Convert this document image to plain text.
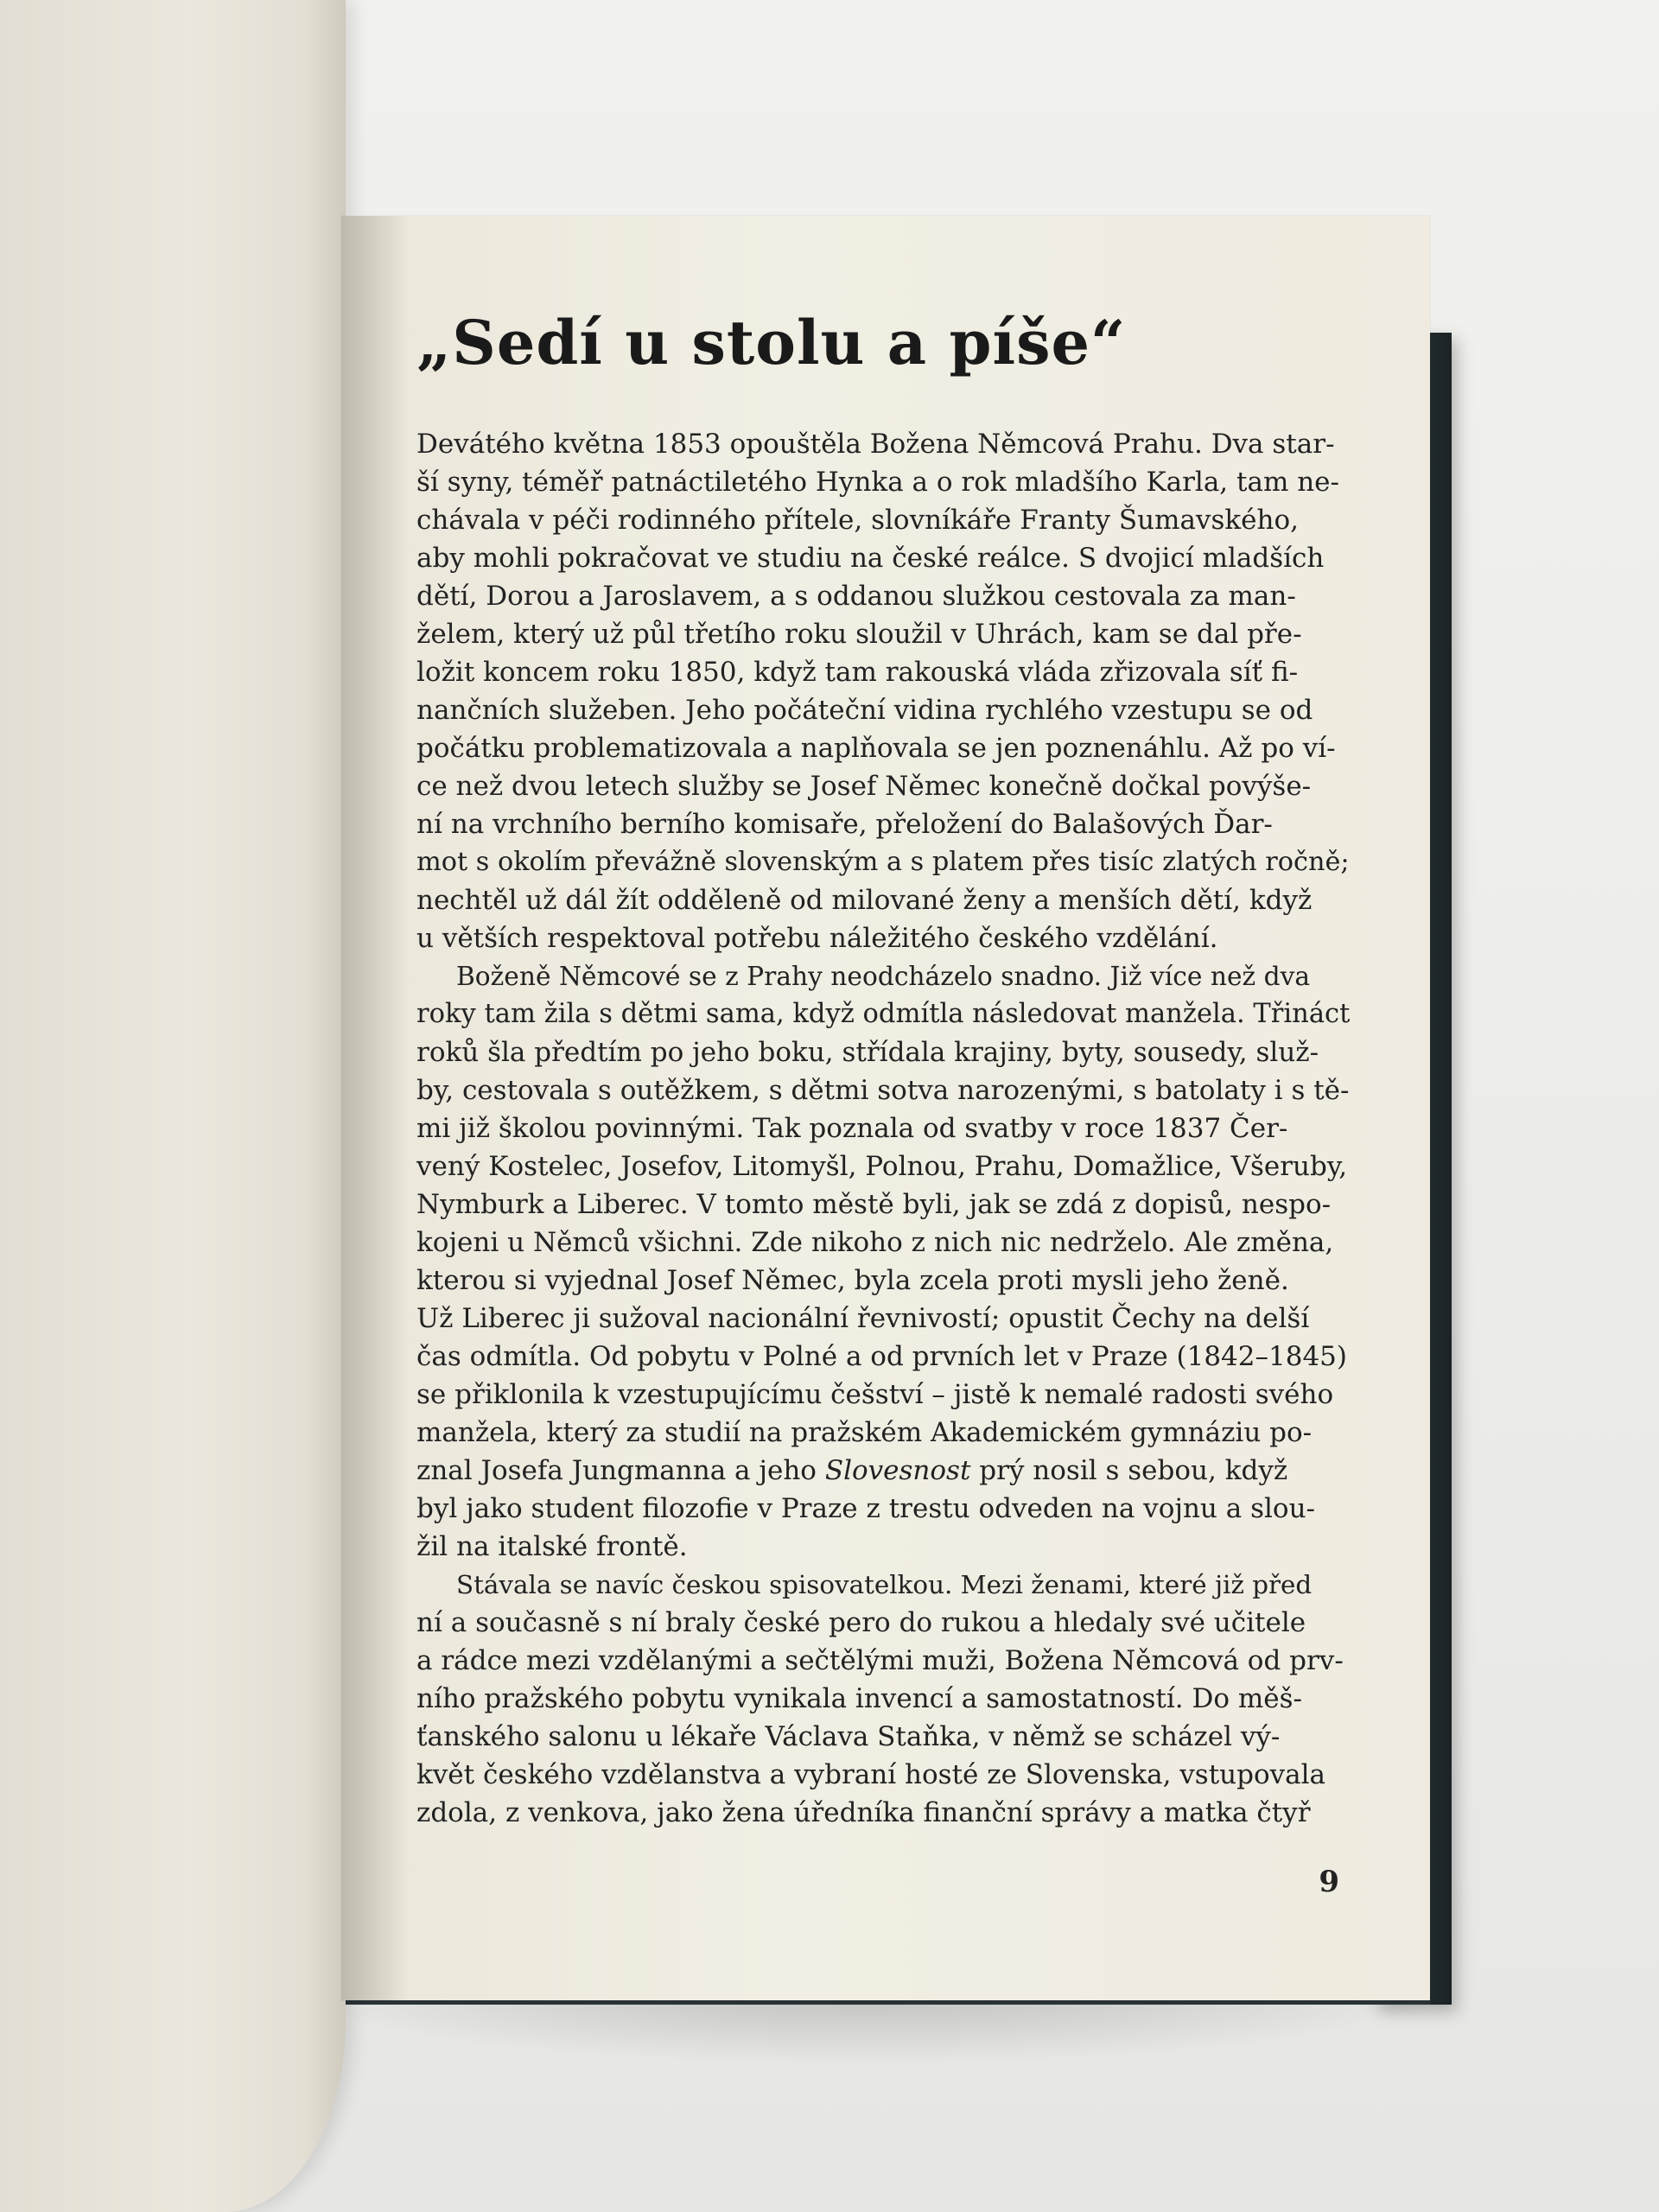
„Sedí u stolu a píše“
Devátého května 1853 opouštěla Božena Němcová Prahu. Dva star-
ší syny, téměř patnáctiletého Hynka a o rok mladšího Karla, tam ne-
chávala v péči rodinného přítele, slovníkáře Franty Šumavského,
aby mohli pokračovat ve studiu na české reálce. S dvojicí mladších
dětí, Dorou a Jaroslavem, a s oddanou služkou cestovala za man-
želem, který už půl třetího roku sloužil v Uhrách, kam se dal pře-
ložit koncem roku 1850, když tam rakouská vláda zřizovala síť fi-
nančních služeben. Jeho počáteční vidina rychlého vzestupu se od
počátku problematizovala a naplňovala se jen poznenáhlu. Až po ví-
ce než dvou letech služby se Josef Němec konečně dočkal povýše-
ní na vrchního berního komisaře, přeložení do Balašových Ďar-
mot s okolím převážně slovenským a s platem přes tisíc zlatých ročně;
nechtěl už dál žít odděleně od milované ženy a menších dětí, když
u větších respektoval potřebu náležitého českého vzdělání.
Boženě Němcové se z Prahy neodcházelo snadno. Již více než dva
roky tam žila s dětmi sama, když odmítla následovat manžela. Třináct
roků šla předtím po jeho boku, střídala krajiny, byty, sousedy, služ-
by, cestovala s outěžkem, s dětmi sotva narozenými, s batolaty i s tě-
mi již školou povinnými. Tak poznala od svatby v roce 1837 Čer-
vený Kostelec, Josefov, Litomyšl, Polnou, Prahu, Domažlice, Všeruby,
Nymburk a Liberec. V tomto městě byli, jak se zdá z dopisů, nespo-
kojeni u Němců všichni. Zde nikoho z nich nic nedrželo. Ale změna,
kterou si vyjednal Josef Němec, byla zcela proti mysli jeho ženě.
Už Liberec ji sužoval nacionální řevnivostí; opustit Čechy na delší
čas odmítla. Od pobytu v Polné a od prvních let v Praze (1842–1845)
se přiklonila k vzestupujícímu češství – jistě k nemalé radosti svého
manžela, který za studií na pražském Akademickém gymnáziu po-
znal Josefa Jungmanna a jeho Slovesnost prý nosil s sebou, když
byl jako student filozofie v Praze z trestu odveden na vojnu a slou-
žil na italské frontě.
Stávala se navíc českou spisovatelkou. Mezi ženami, které již před
ní a současně s ní braly české pero do rukou a hledaly své učitele
a rádce mezi vzdělanými a sečtělými muži, Božena Němcová od prv-
ního pražského pobytu vynikala invencí a samostatností. Do měš-
ťanského salonu u lékaře Václava Staňka, v němž se scházel vý-
květ českého vzdělanstva a vybraní hosté ze Slovenska, vstupovala
zdola, z venkova, jako žena úředníka finanční správy a matka čtyř
9
